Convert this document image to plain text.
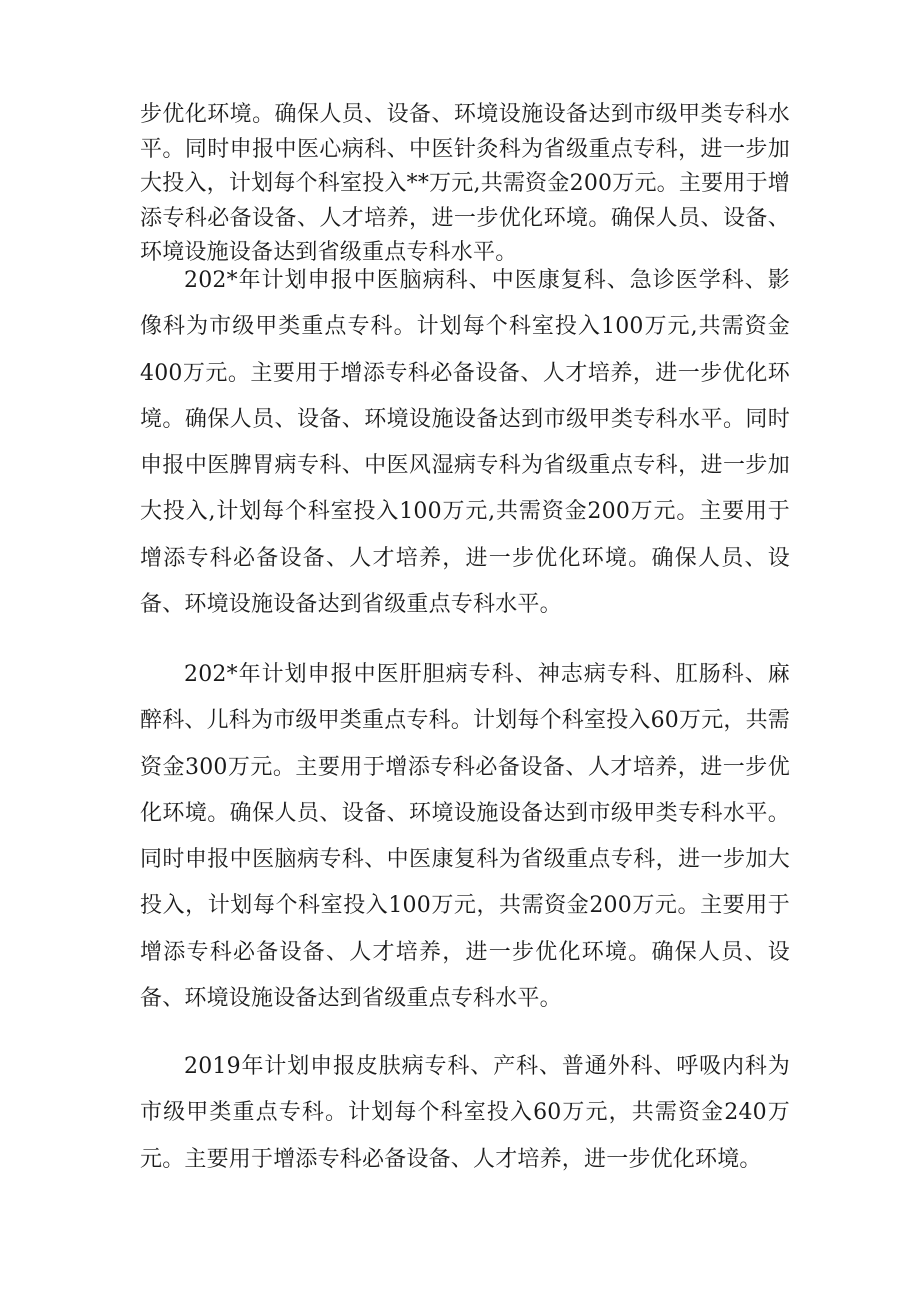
步优化环境。确保人员、设备、环境设施设备达到市级甲类专科水平。同时申报中医心病科、中医针灸科为省级重点专科，进一步加大投入，计划每个科室投入**万元,共需资金200万元。主要用于增添专科必备设备、人才培养，进一步优化环境。确保人员、设备、环境设施设备达到省级重点专科水平。

202*年计划申报中医脑病科、中医康复科、急诊医学科、影像科为市级甲类重点专科。计划每个科室投入100万元,共需资金400万元。主要用于增添专科必备设备、人才培养，进一步优化环境。确保人员、设备、环境设施设备达到市级甲类专科水平。同时申报中医脾胃病专科、中医风湿病专科为省级重点专科，进一步加大投入,计划每个科室投入100万元,共需资金200万元。主要用于增添专科必备设备、人才培养，进一步优化环境。确保人员、设备、环境设施设备达到省级重点专科水平。

202*年计划申报中医肝胆病专科、神志病专科、肛肠科、麻醉科、儿科为市级甲类重点专科。计划每个科室投入60万元，共需资金300万元。主要用于增添专科必备设备、人才培养，进一步优化环境。确保人员、设备、环境设施设备达到市级甲类专科水平。同时申报中医脑病专科、中医康复科为省级重点专科，进一步加大投入，计划每个科室投入100万元，共需资金200万元。主要用于增添专科必备设备、人才培养，进一步优化环境。确保人员、设备、环境设施设备达到省级重点专科水平。

2019年计划申报皮肤病专科、产科、普通外科、呼吸内科为市级甲类重点专科。计划每个科室投入60万元，共需资金240万元。主要用于增添专科必备设备、人才培养，进一步优化环境。
